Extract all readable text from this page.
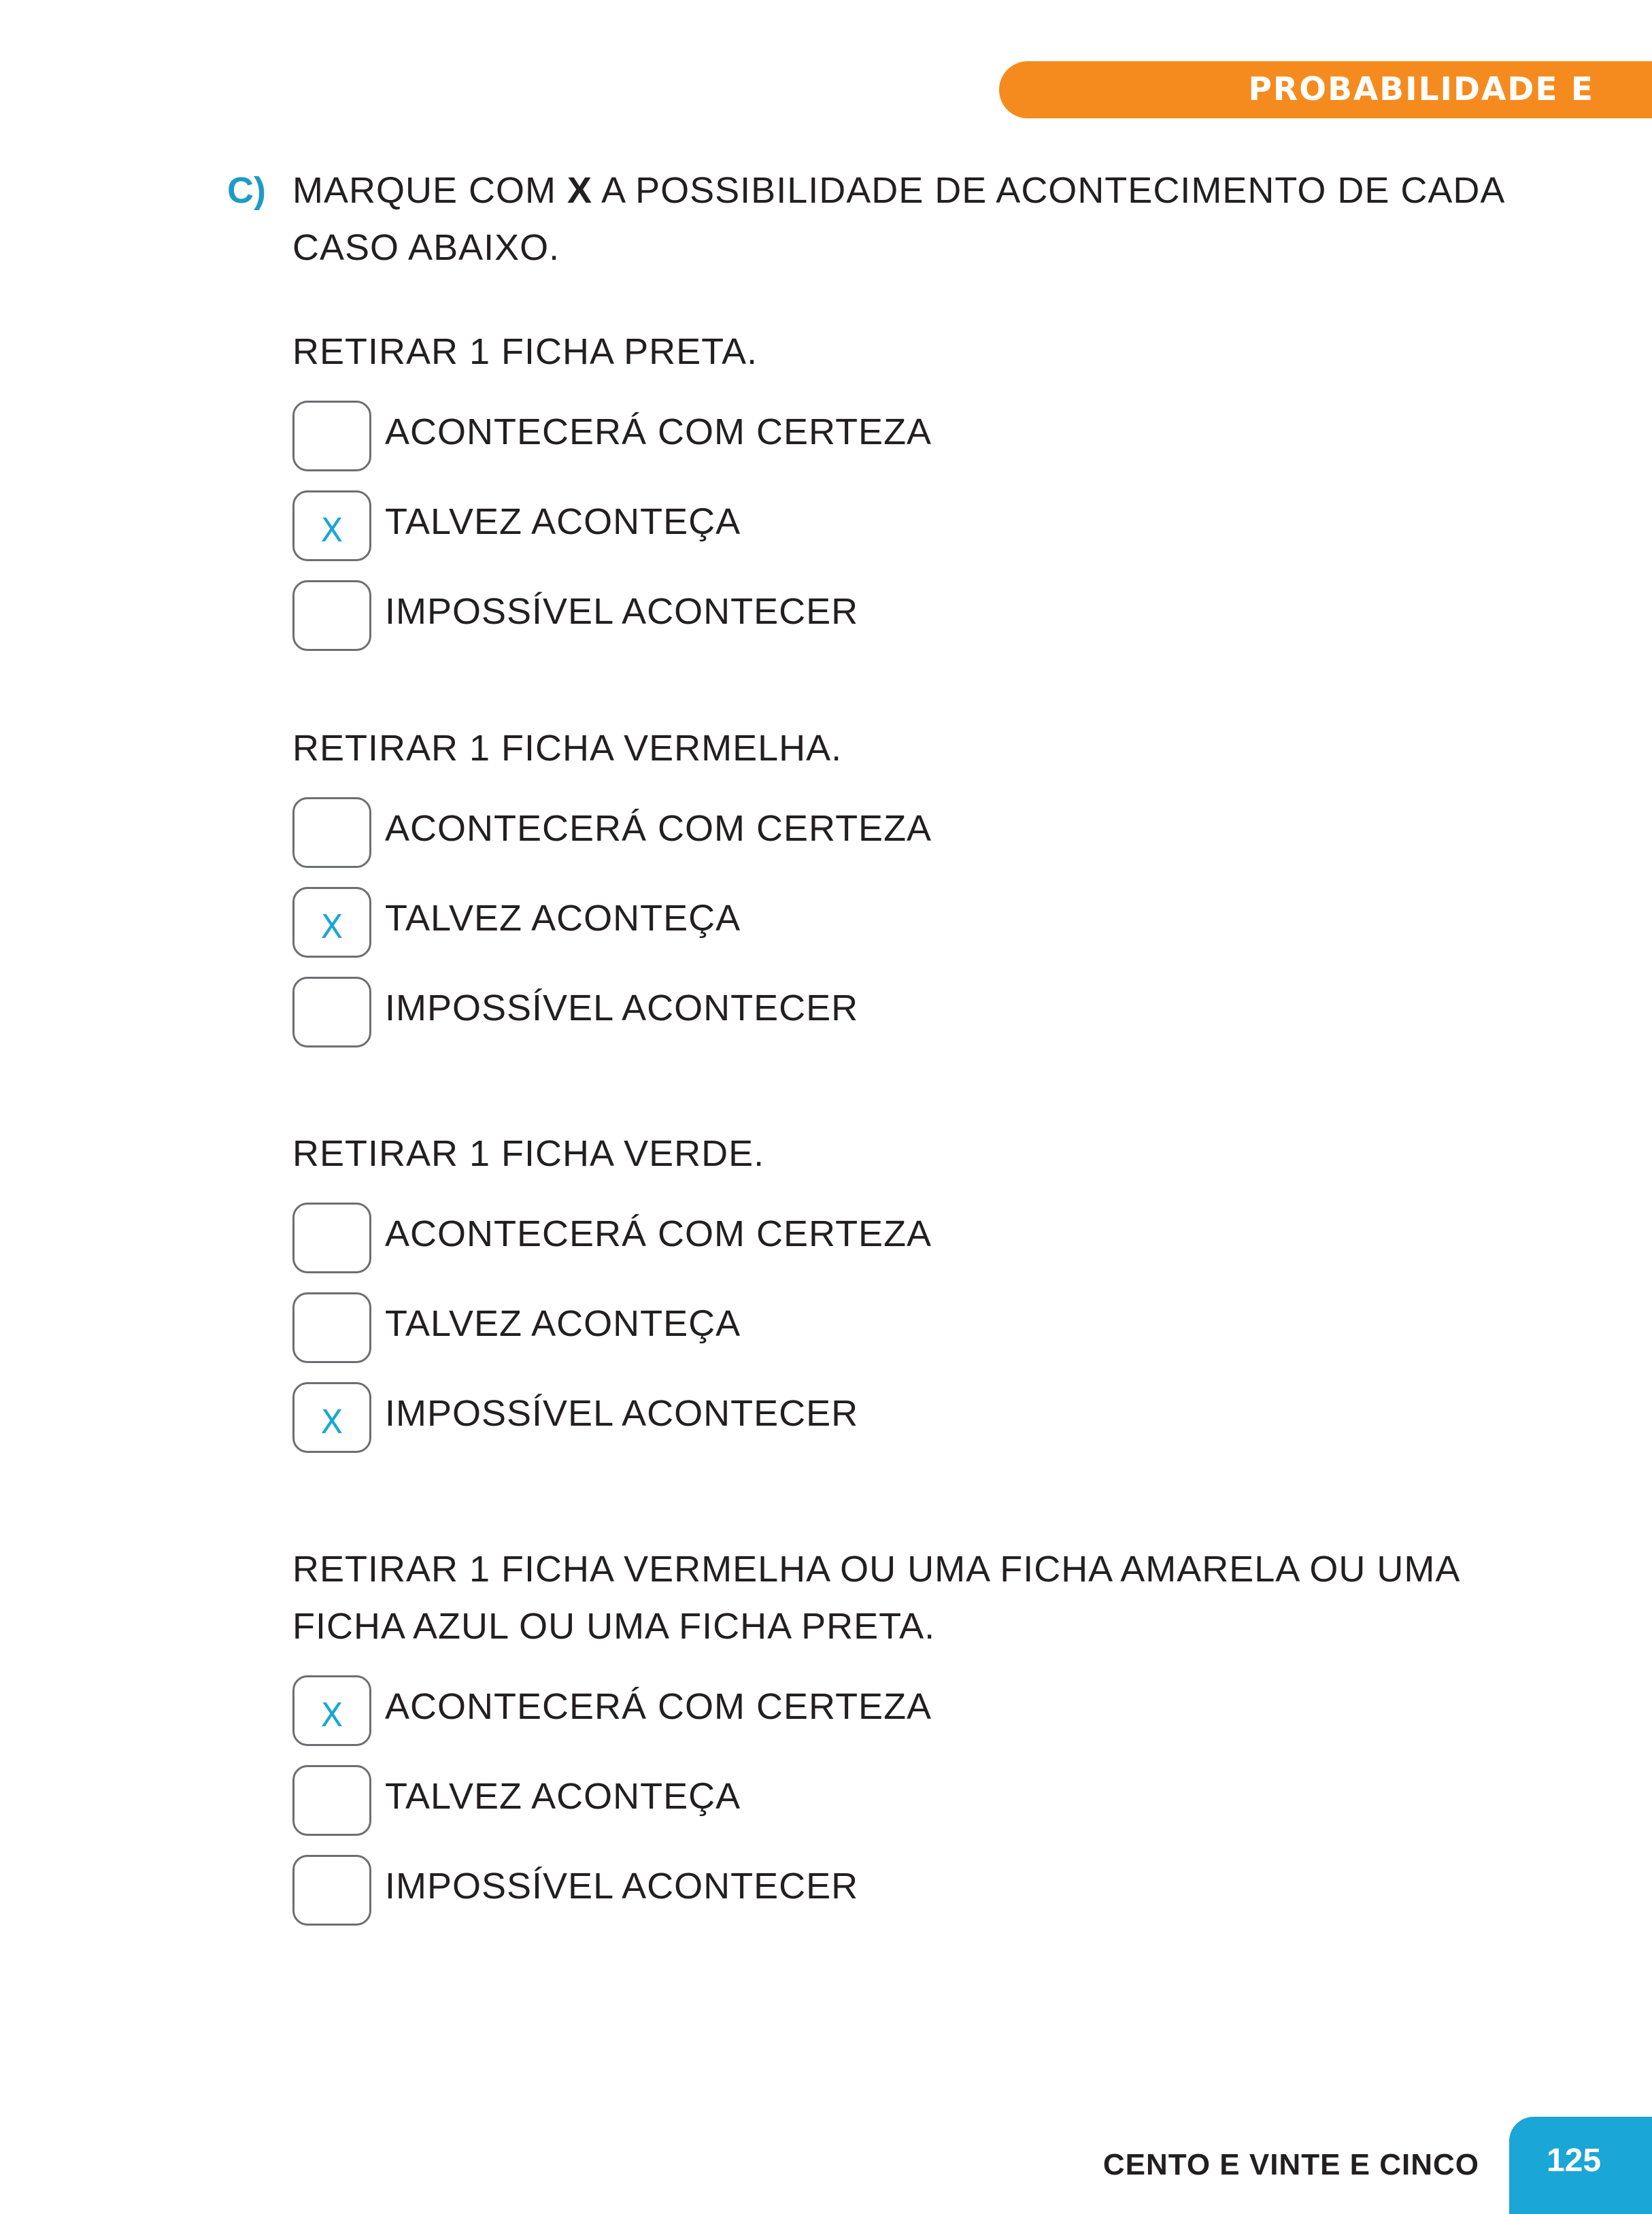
PROBABILIDADE E ESTATÍSTICA
C) MARQUE COM X A POSSIBILIDADE DE ACONTECIMENTO DE CADA CASO ABAIXO.

RETIRAR 1 FICHA PRETA.

ACONTECERÁ COM CERTEZA
X TALVEZ ACONTEÇA
IMPOSSÍVEL ACONTECER

RETIRAR 1 FICHA VERMELHA.

ACONTECERÁ COM CERTEZA
X TALVEZ ACONTEÇA
IMPOSSÍVEL ACONTECER

RETIRAR 1 FICHA VERDE.

ACONTECERÁ COM CERTEZA
TALVEZ ACONTEÇA
X IMPOSSÍVEL ACONTECER

RETIRAR 1 FICHA VERMELHA OU UMA FICHA AMARELA OU UMA FICHA AZUL OU UMA FICHA PRETA.

X ACONTECERÁ COM CERTEZA
TALVEZ ACONTEÇA
IMPOSSÍVEL ACONTECER
CENTO E VINTE E CINCO	125
